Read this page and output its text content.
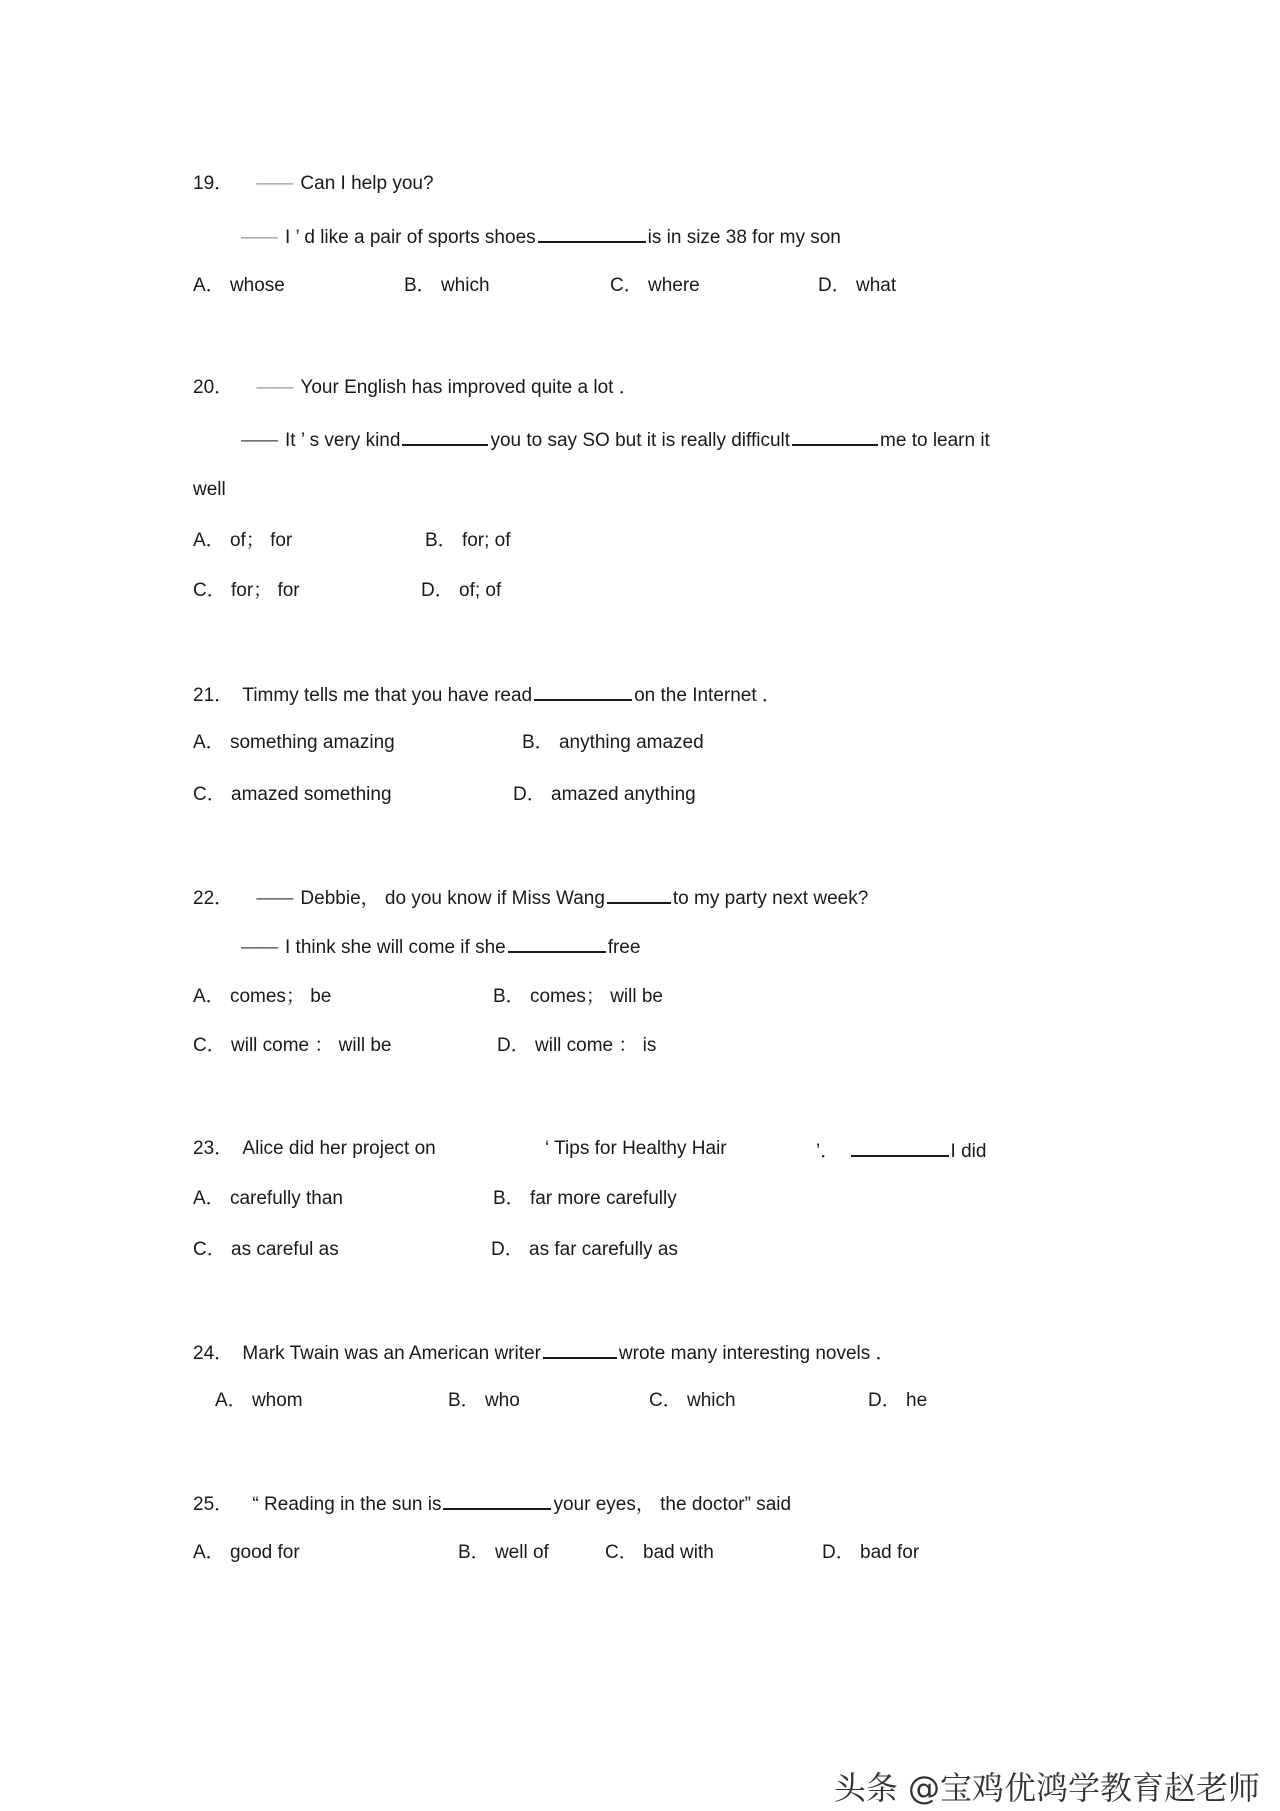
19． —— Can I help you?
—— I ’ d like a pair of sports shoes	is in size 38 for my son
A． whose	B． which	C． where	D． what
20． —— Your English has improved quite a lot ．
—— It ’ s very kind	you to say SO but it is really difficult	me to learn it
well
A． of； for	B． for; of
C． for； for	D． of; of
21． Timmy tells me that you have read	on the Internet ．
A． something amazing	B． anything amazed
C． amazed something	D． amazed anything
22． —— Debbie， do you know if Miss Wang	to my party next week?
—— I think she will come if she	free
A． comes； be	B． comes； will be
C． will come ： will be	D． will come ： is
23． Alice did her project on	‘ Tips for Healthy Hair	’．	I did
A． carefully than	B． far more carefully
C． as careful as	D． as far carefully as
24． Mark Twain was an American writer	wrote many interesting novels ．
A． whom	B． who	C． which	D． he
25． “ Reading in the sun is	your eyes， the doctor” said
A． good for	B． well of	C． bad with	D． bad for
头条 @宝鸡优鸿学教育赵老师
